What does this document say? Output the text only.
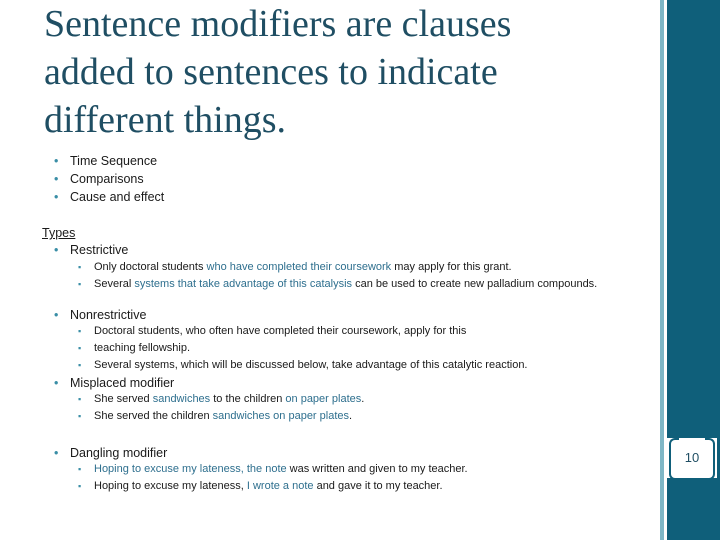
Sentence modifiers are clauses
added to sentences to indicate
different things.
• Time Sequence
• Comparisons
• Cause and effect
Types
• Restrictive
▪ Only doctoral students who have completed their coursework may apply for this grant.
▪ Several systems that take advantage of this catalysis can be used to create new palladium compounds.
• Nonrestrictive
▪ Doctoral students, who often have completed their coursework, apply for this
▪ teaching fellowship.
▪ Several systems, which will be discussed below, take advantage of this catalytic reaction.
• Misplaced modifier
▪ She served sandwiches to the children on paper plates.
▪ She served the children sandwiches on paper plates.
• Dangling modifier
▪ Hoping to excuse my lateness, the note was written and given to my teacher.
▪ Hoping to excuse my lateness, I wrote a note and gave it to my teacher.
10
